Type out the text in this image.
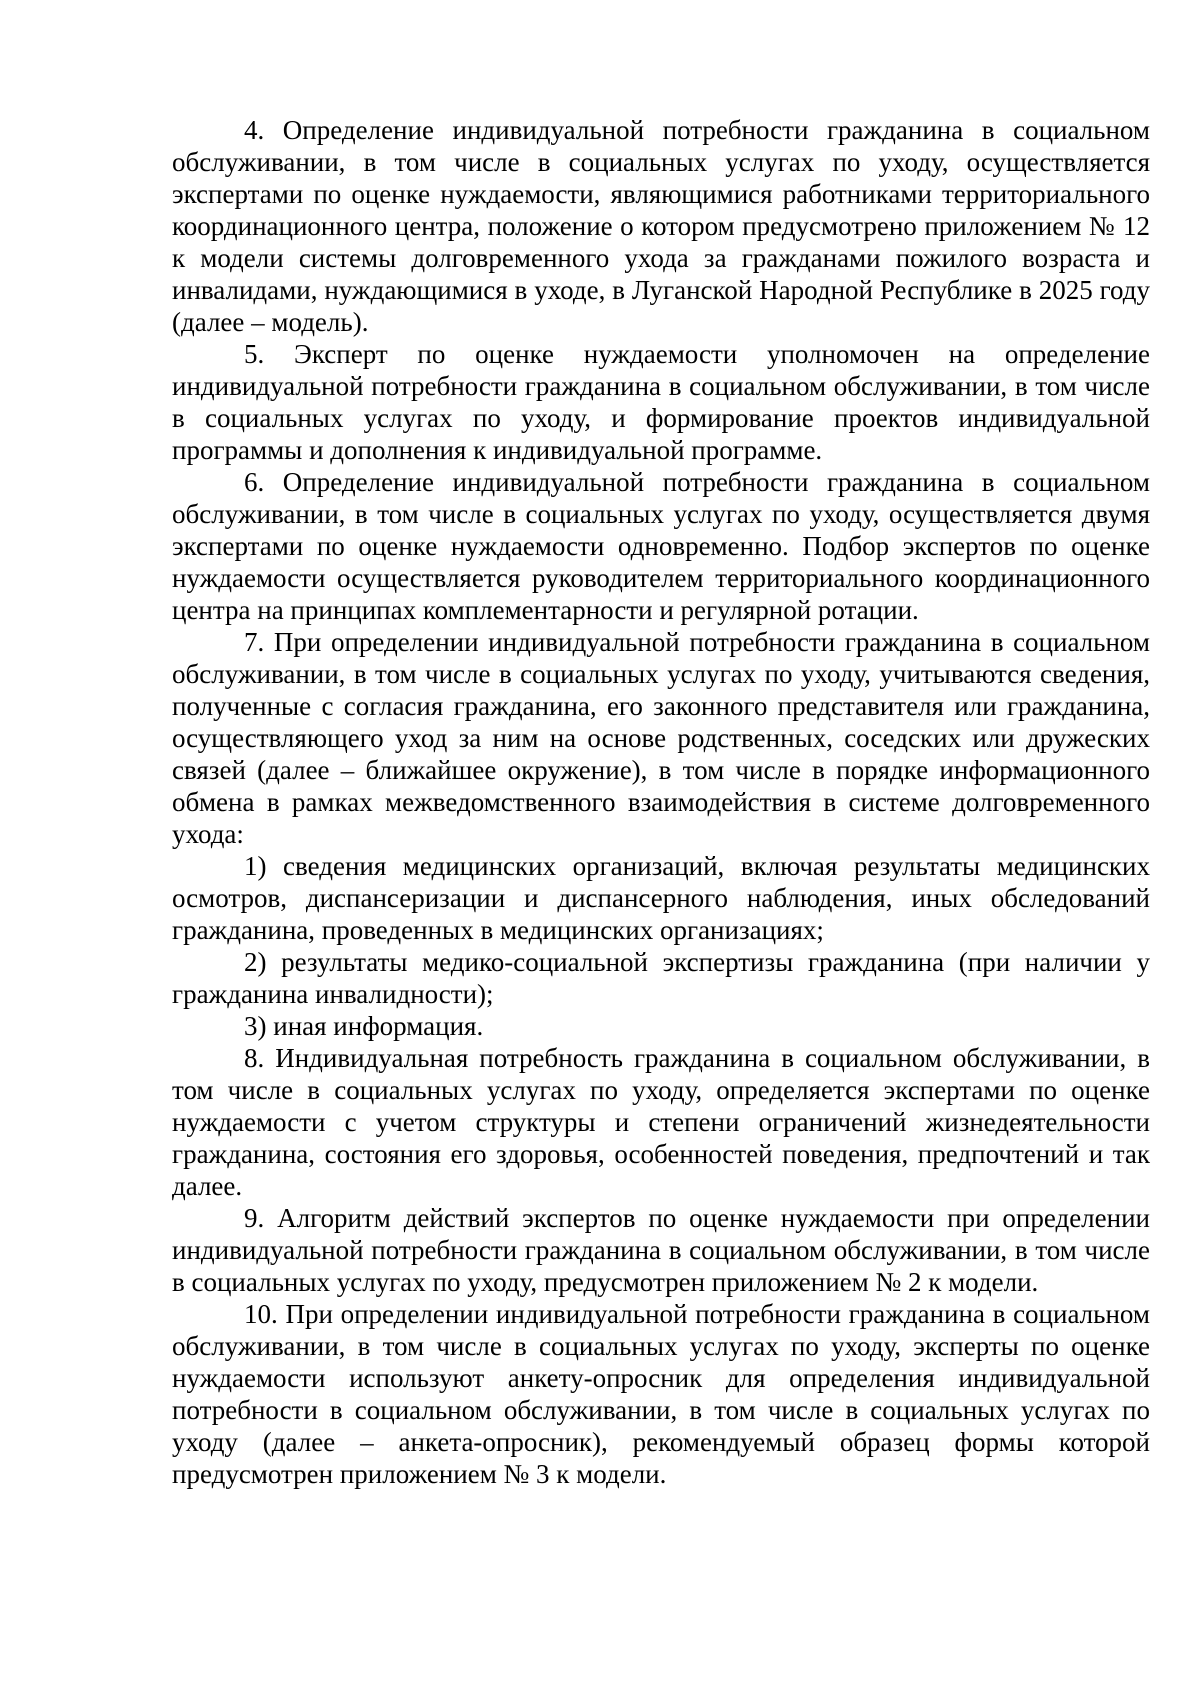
4. Определение индивидуальной потребности гражданина в социальном обслуживании, в том числе в социальных услугах по уходу, осуществляется экспертами по оценке нуждаемости, являющимися работниками территориального координационного центра, положение о котором предусмотрено приложением № 12 к модели системы долговременного ухода за гражданами пожилого возраста и инвалидами, нуждающимися в уходе, в Луганской Народной Республике в 2025 году (далее – модель).

5. Эксперт по оценке нуждаемости уполномочен на определение индивидуальной потребности гражданина в социальном обслуживании, в том числе в социальных услугах по уходу, и формирование проектов индивидуальной программы и дополнения к индивидуальной программе.

6. Определение индивидуальной потребности гражданина в социальном обслуживании, в том числе в социальных услугах по уходу, осуществляется двумя экспертами по оценке нуждаемости одновременно. Подбор экспертов по оценке нуждаемости осуществляется руководителем территориального координационного центра на принципах комплементарности и регулярной ротации.

7. При определении индивидуальной потребности гражданина в социальном обслуживании, в том числе в социальных услугах по уходу, учитываются сведения, полученные с согласия гражданина, его законного представителя или гражданина, осуществляющего уход за ним на основе родственных, соседских или дружеских связей (далее – ближайшее окружение), в том числе в порядке информационного обмена в рамках межведомственного взаимодействия в системе долговременного ухода:

1) сведения медицинских организаций, включая результаты медицинских осмотров, диспансеризации и диспансерного наблюдения, иных обследований гражданина, проведенных в медицинских организациях;

2) результаты медико-социальной экспертизы гражданина (при наличии у гражданина инвалидности);

3) иная информация.

8. Индивидуальная потребность гражданина в социальном обслуживании, в том числе в социальных услугах по уходу, определяется экспертами по оценке нуждаемости с учетом структуры и степени ограничений жизнедеятельности гражданина, состояния его здоровья, особенностей поведения, предпочтений и так далее.

9. Алгоритм действий экспертов по оценке нуждаемости при определении индивидуальной потребности гражданина в социальном обслуживании, в том числе в социальных услугах по уходу, предусмотрен приложением № 2 к модели.

10. При определении индивидуальной потребности гражданина в социальном обслуживании, в том числе в социальных услугах по уходу, эксперты по оценке нуждаемости используют анкету-опросник для определения индивидуальной потребности в социальном обслуживании, в том числе в социальных услугах по уходу (далее – анкета-опросник), рекомендуемый образец формы которой предусмотрен приложением № 3 к модели.
